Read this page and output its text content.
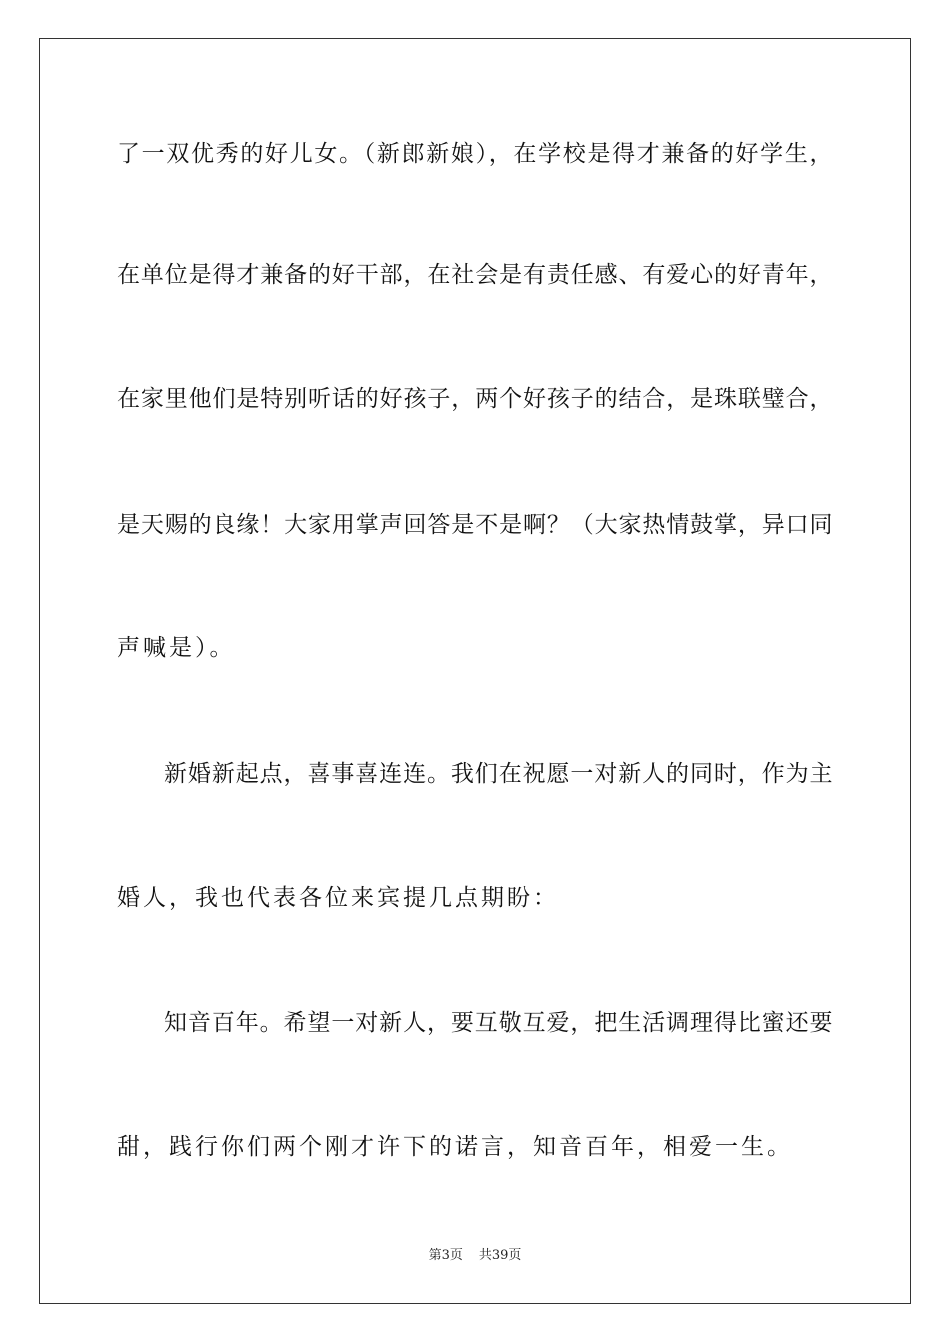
了一双优秀的好儿女。（新郎新娘），在学校是得才兼备的好学生，
在单位是得才兼备的好干部，在社会是有责任感、有爱心的好青年，
在家里他们是特别听话的好孩子，两个好孩子的结合，是珠联璧合，
是天赐的良缘！大家用掌声回答是不是啊？（大家热情鼓掌，异口同
声喊是）。
新婚新起点，喜事喜连连。我们在祝愿一对新人的同时，作为主
婚人，我也代表各位来宾提几点期盼：
知音百年。希望一对新人，要互敬互爱，把生活调理得比蜜还要
甜，践行你们两个刚才许下的诺言，知音百年，相爱一生。
第3页 共39页
